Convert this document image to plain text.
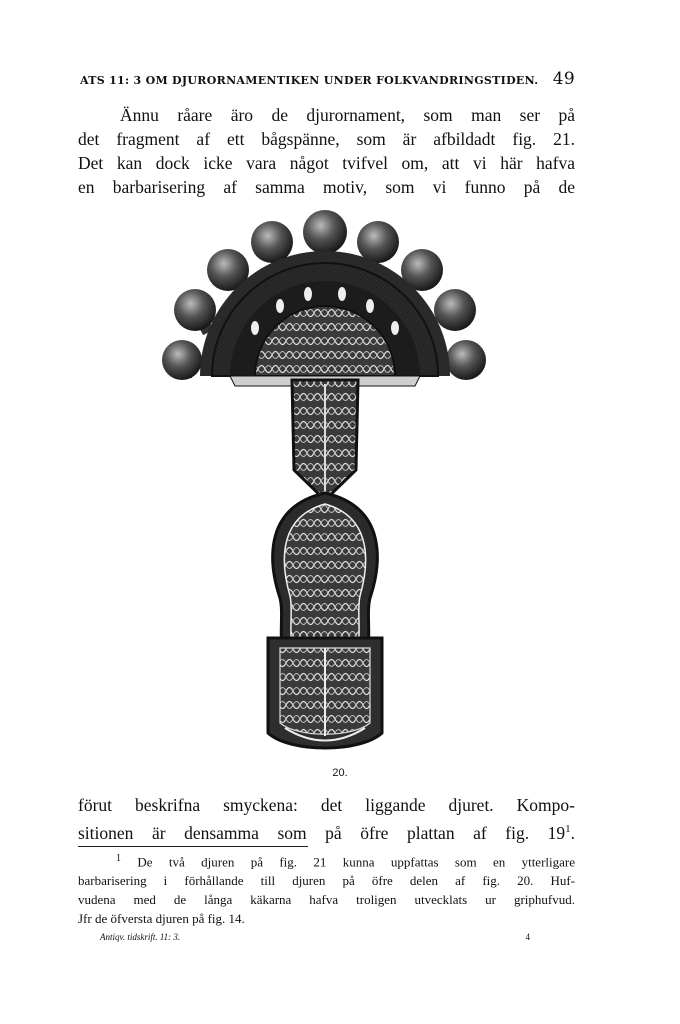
ATS 11: 3 OM DJURORNAMENTIKEN UNDER FOLKVANDRINGSTIDEN. 49
Ännu råare äro de djurornament, som man ser på
det fragment af ett bågspänne, som är afbildadt fig. 21.
Det kan dock icke vara något tvifvel om, att vi här hafva
en barbarisering af samma motiv, som vi funno på de
20.
förut beskrifna smyckena: det liggande djuret. Kompo-
sitionen är densamma som på öfre plattan af fig. $19^1$.
$^1$ De två djuren på fig. 21 kunna uppfattas som en ytterligare
barbarisering i förhållande till djuren på öfre delen af fig. 20. Huf-
vudena med de långa käkarna hafva troligen utvecklats ur griphufvud.
Jfr de öfversta djuren på fig. 14.
Antiqv. tidskrift. 11: 3.	4
